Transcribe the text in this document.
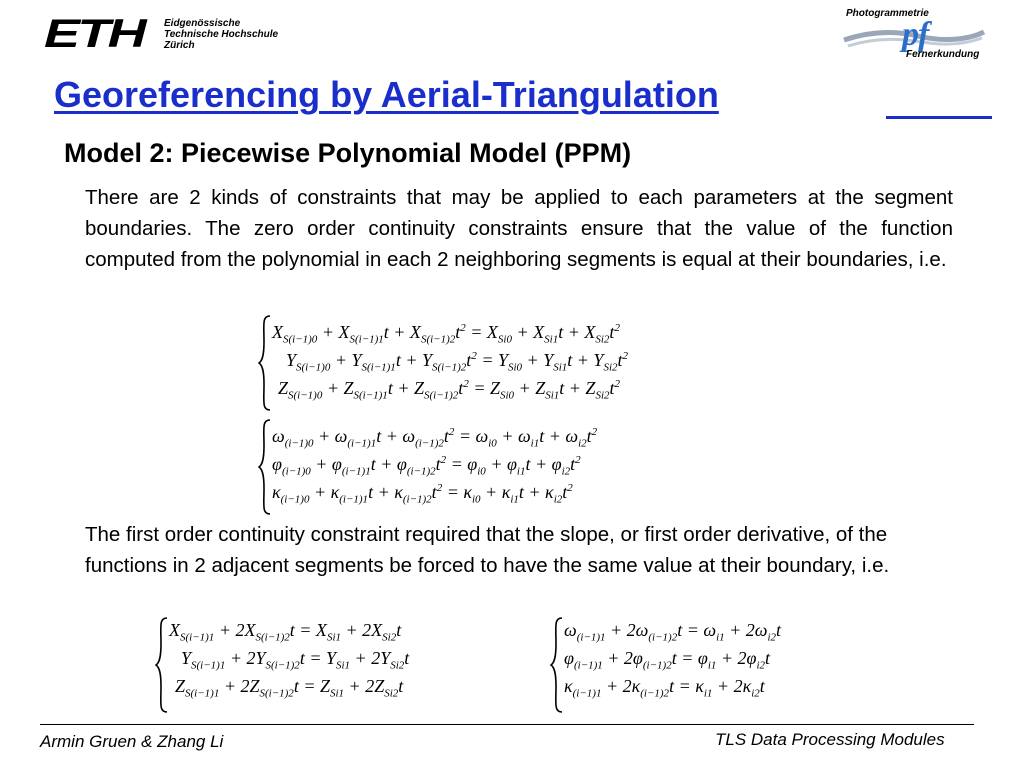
ETH Eidgenössische
Technische Hochschule
Zürich
Photogrammetrie
pf
Fernerkundung
Georeferencing by Aerial-Triangulation
Model 2: Piecewise Polynomial Model (PPM)
There are 2 kinds of constraints that may be applied to each parameters at the segment boundaries. The zero order continuity constraints ensure that the value of the function computed from the polynomial in each 2 neighboring segments is equal at their boundaries, i.e.
$X_{S(i-1)0} + X_{S(i-1)1}t + X_{S(i-1)2}t^2 = X_{Si0} + X_{Si1}t + X_{Si2}t^2$
$Y_{S(i-1)0} + Y_{S(i-1)1}t + Y_{S(i-1)2}t^2 = Y_{Si0} + Y_{Si1}t + Y_{Si2}t^2$
$Z_{S(i-1)0} + Z_{S(i-1)1}t + Z_{S(i-1)2}t^2 = Z_{Si0} + Z_{Si1}t + Z_{Si2}t^2$
$\omega_{(i-1)0} + \omega_{(i-1)1}t + \omega_{(i-1)2}t^2 = \omega_{i0} + \omega_{i1}t + \omega_{i2}t^2$
$\varphi_{(i-1)0} + \varphi_{(i-1)1}t + \varphi_{(i-1)2}t^2 = \varphi_{i0} + \varphi_{i1}t + \varphi_{i2}t^2$
$\kappa_{(i-1)0} + \kappa_{(i-1)1}t + \kappa_{(i-1)2}t^2 = \kappa_{i0} + \kappa_{i1}t + \kappa_{i2}t^2$
The first order continuity constraint required that the slope, or first order derivative, of the functions in 2 adjacent segments be forced to have the same value at their boundary, i.e.
$X_{S(i-1)1} + 2X_{S(i-1)2}t = X_{Si1} + 2X_{Si2}t$
$Y_{S(i-1)1} + 2Y_{S(i-1)2}t = Y_{Si1} + 2Y_{Si2}t$
$Z_{S(i-1)1} + 2Z_{S(i-1)2}t = Z_{Si1} + 2Z_{Si2}t$
$\omega_{(i-1)1} + 2\omega_{(i-1)2}t = \omega_{i1} + 2\omega_{i2}t$
$\varphi_{(i-1)1} + 2\varphi_{(i-1)2}t = \varphi_{i1} + 2\varphi_{i2}t$
$\kappa_{(i-1)1} + 2\kappa_{(i-1)2}t = \kappa_{i1} + 2\kappa_{i2}t$
Armin Gruen & Zhang Li	TLS Data Processing Modules
